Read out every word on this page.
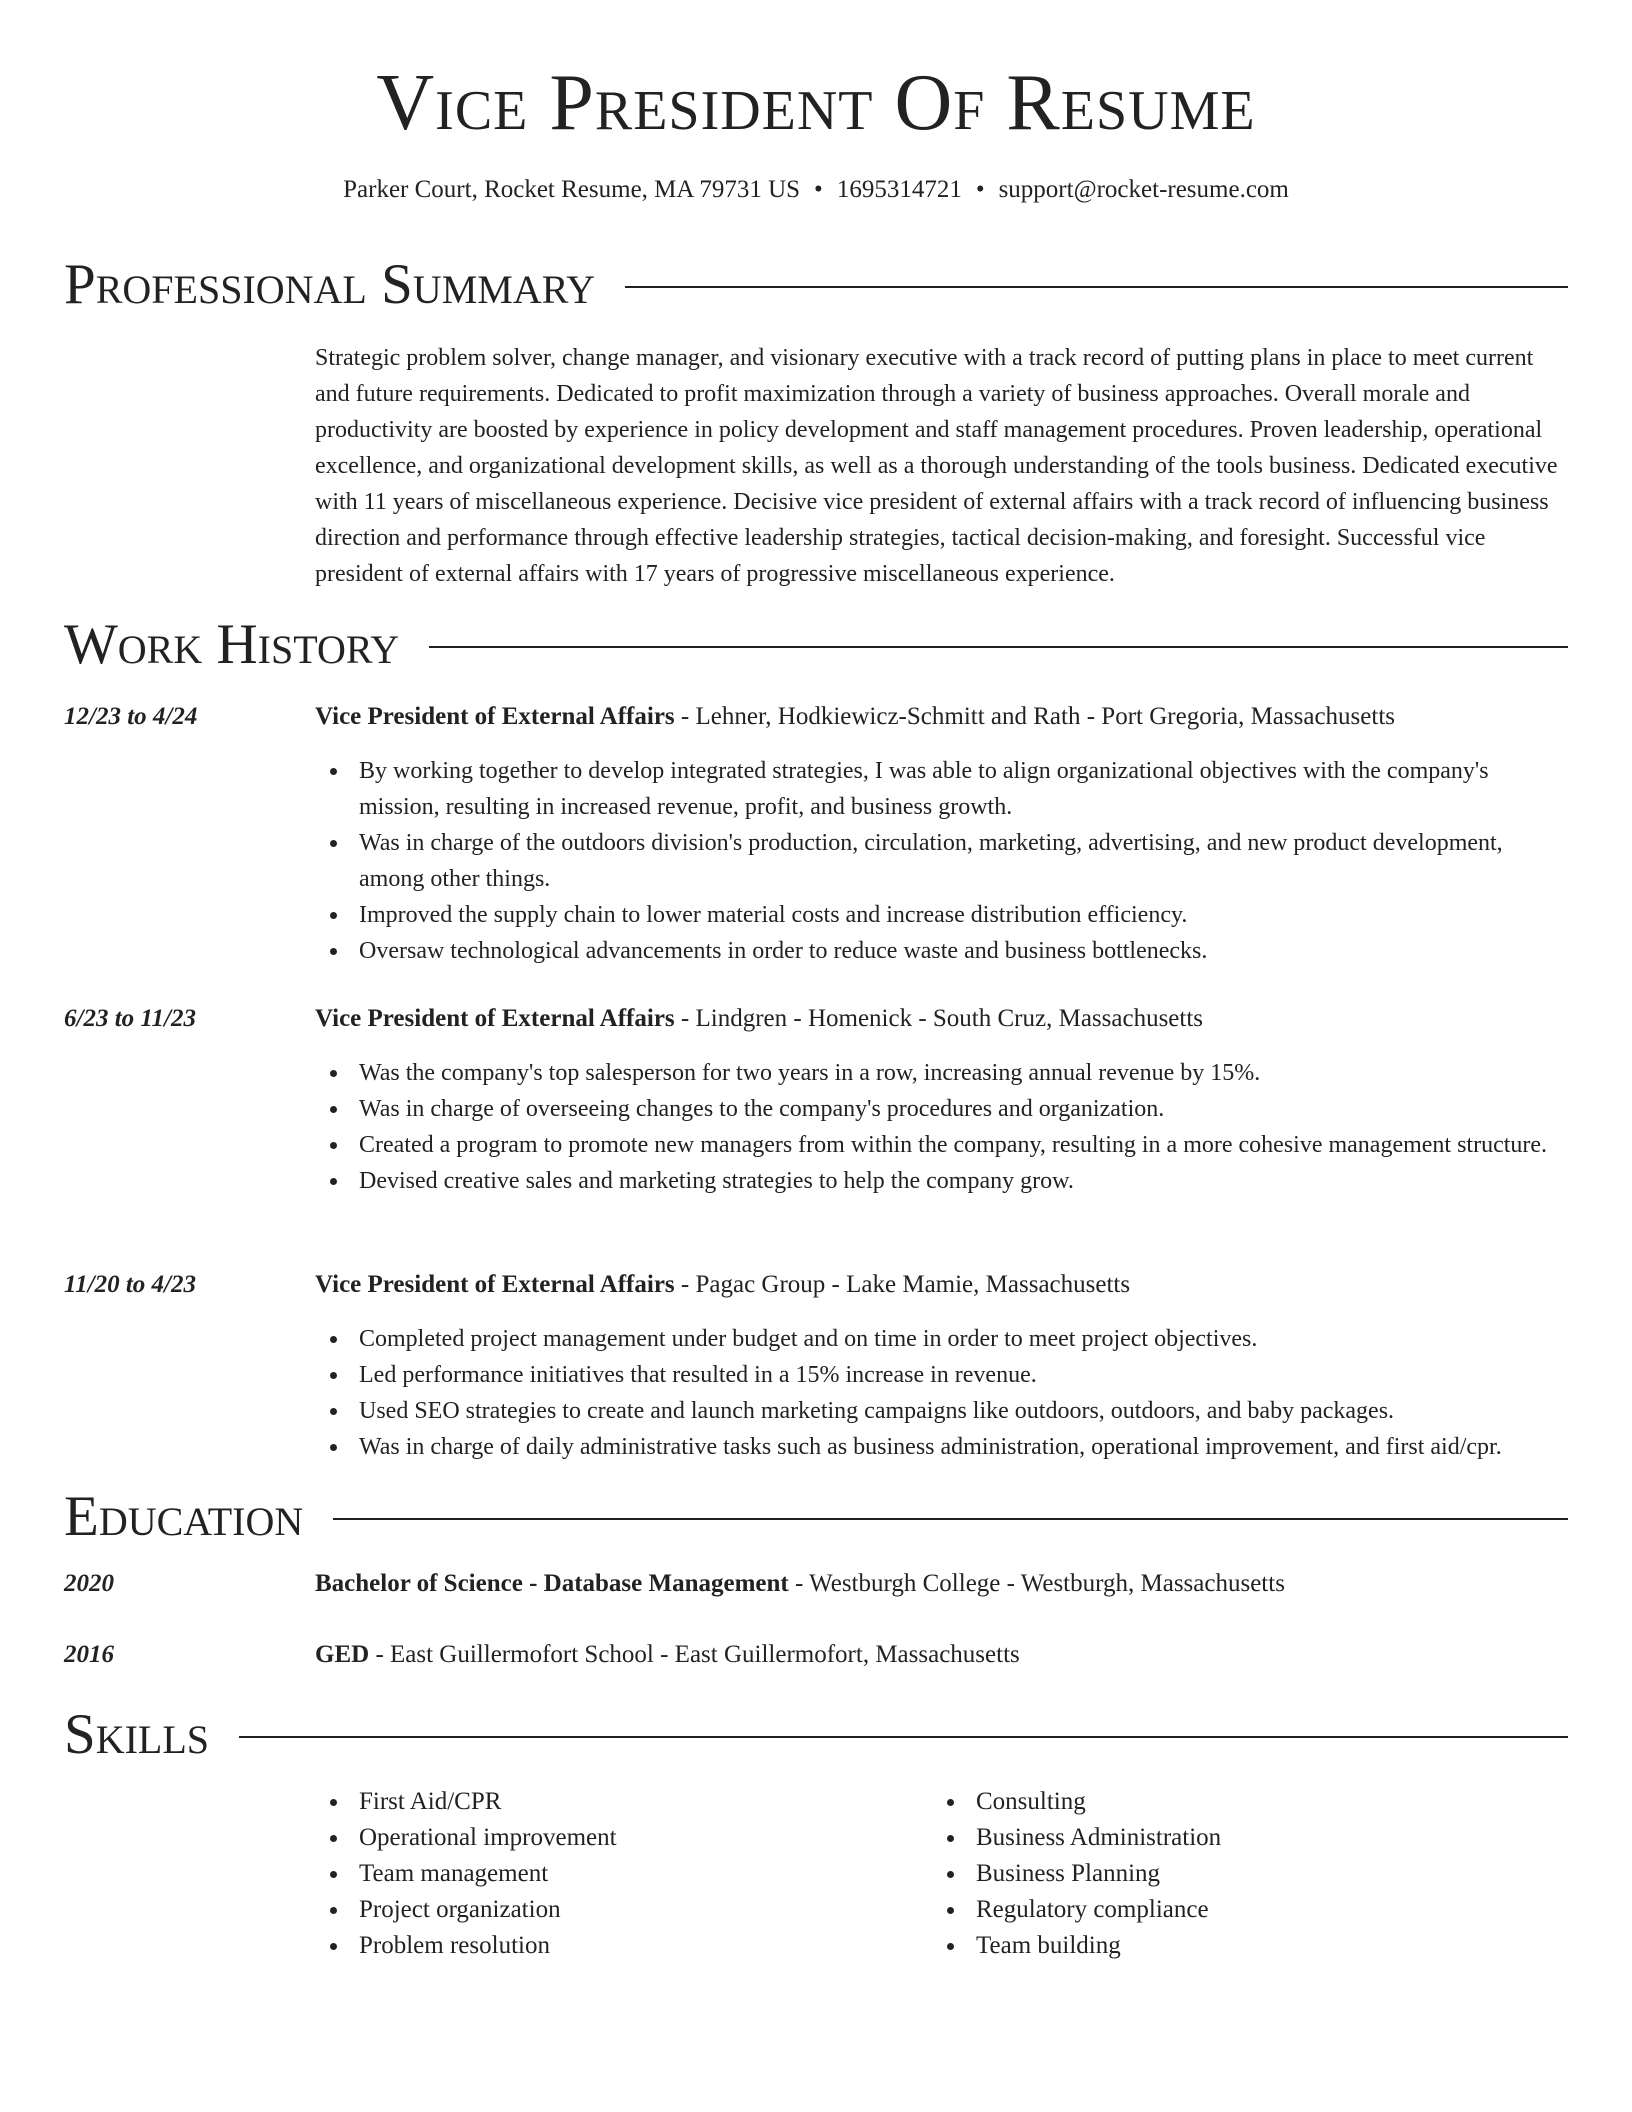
Vice President Of Resume
Parker Court, Rocket Resume, MA 79731 US • 1695314721 • support@rocket-resume.com
Professional Summary

Strategic problem solver, change manager, and visionary executive with a track record of putting plans in place to meet current and future requirements. Dedicated to profit maximization through a variety of business approaches. Overall morale and productivity are boosted by experience in policy development and staff management procedures. Proven leadership, operational excellence, and organizational development skills, as well as a thorough understanding of the tools business. Dedicated executive with 11 years of miscellaneous experience. Decisive vice president of external affairs with a track record of influencing business direction and performance through effective leadership strategies, tactical decision-making, and foresight. Successful vice president of external affairs with 17 years of progressive miscellaneous experience.

Work History
12/23 to 4/24	Vice President of External Affairs - Lehner, Hodkiewicz-Schmitt and Rath - Port Gregoria, Massachusetts
By working together to develop integrated strategies, I was able to align organizational objectives with the company's mission, resulting in increased revenue, profit, and business growth.
Was in charge of the outdoors division's production, circulation, marketing, advertising, and new product development, among other things.
Improved the supply chain to lower material costs and increase distribution efficiency.
Oversaw technological advancements in order to reduce waste and business bottlenecks.
6/23 to 11/23	Vice President of External Affairs - Lindgren - Homenick - South Cruz, Massachusetts
Was the company's top salesperson for two years in a row, increasing annual revenue by 15%.
Was in charge of overseeing changes to the company's procedures and organization.
Created a program to promote new managers from within the company, resulting in a more cohesive management structure.
Devised creative sales and marketing strategies to help the company grow.
11/20 to 4/23	Vice President of External Affairs - Pagac Group - Lake Mamie, Massachusetts
Completed project management under budget and on time in order to meet project objectives.
Led performance initiatives that resulted in a 15% increase in revenue.
Used SEO strategies to create and launch marketing campaigns like outdoors, outdoors, and baby packages.
Was in charge of daily administrative tasks such as business administration, operational improvement, and first aid/cpr.
Education
2020	Bachelor of Science - Database Management - Westburgh College - Westburgh, Massachusetts
2016	GED - East Guillermofort School - East Guillermofort, Massachusetts
Skills
First Aid/CPR
Operational improvement
Team management
Project organization
Problem resolution
Consulting
Business Administration
Business Planning
Regulatory compliance
Team building
